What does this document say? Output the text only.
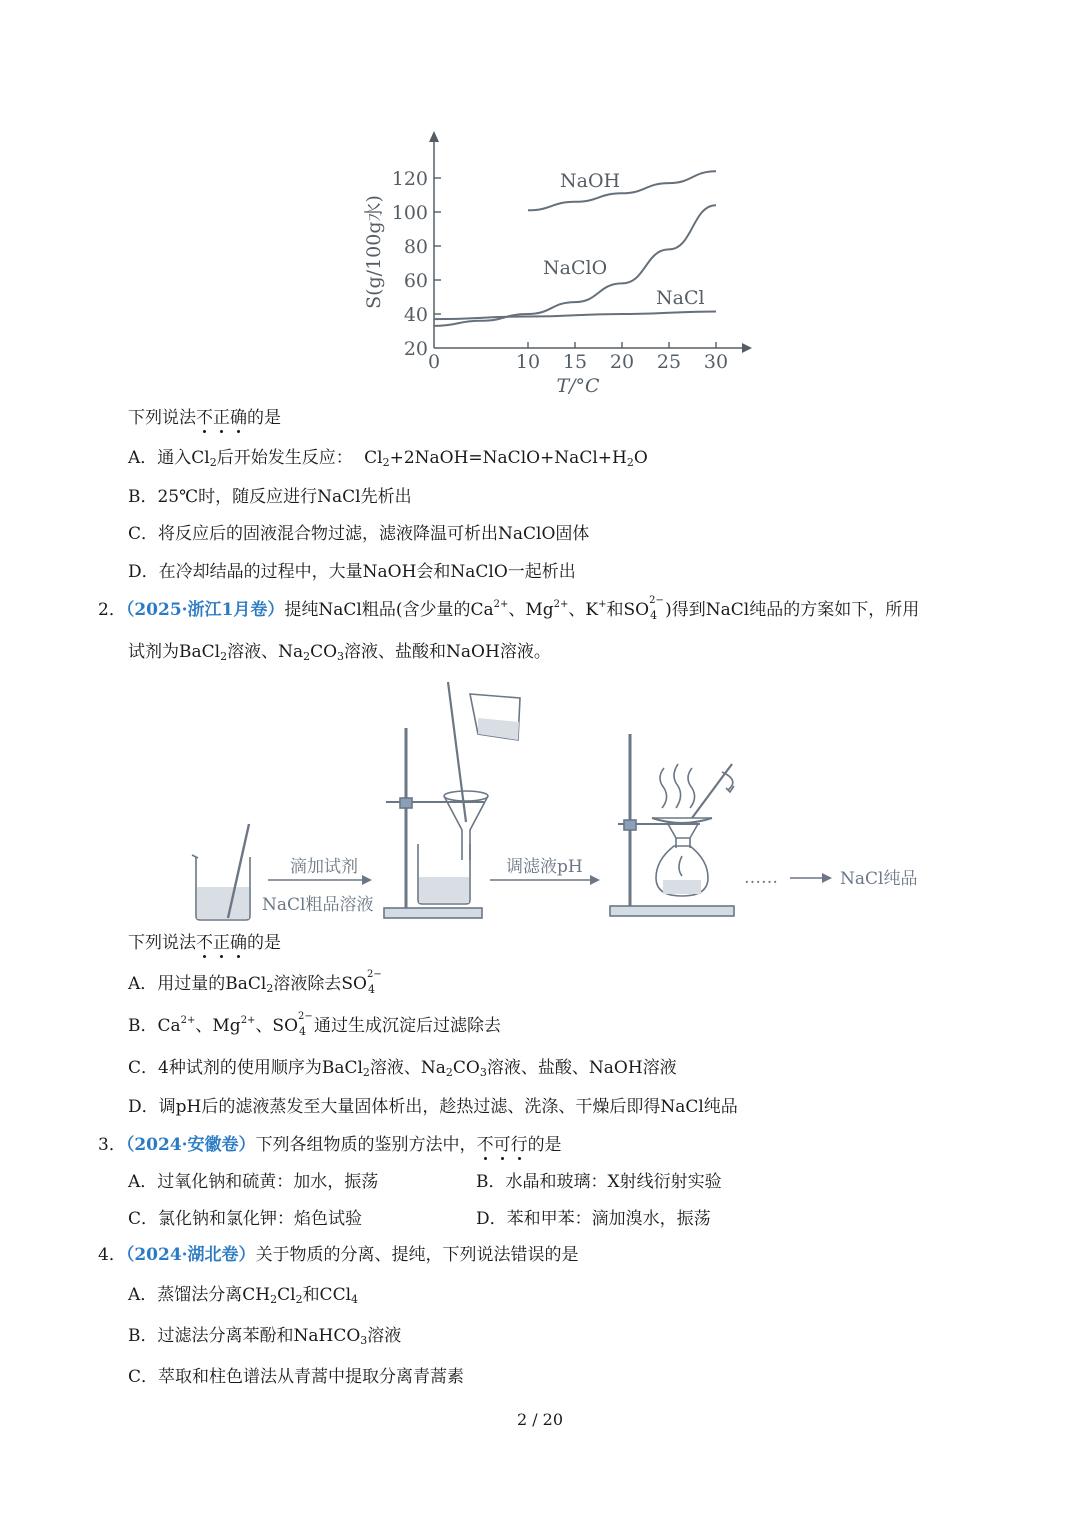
0	10 15 20 25 30
20
40
60
80
100
120
T/°C
S(g/100g水)
NaOH
NaClO
NaCl
下列说法不正确的是
A．通入$Cl_2$后开始发生反应： $Cl_2+2NaOH=NaClO+NaCl+H_2O$
B．25℃时，随反应进行NaCl先析出
C．将反应后的固液混合物过滤，滤液降温可析出NaClO固体
D．在冷却结晶的过程中，大量NaOH会和NaClO一起析出
2．（2025·浙江1月卷）提纯NaCl粗品(含少量的$Ca^{2+}$、$Mg^{2+}$、K+和SO 2−
4 )得到NaCl纯品的方案如下，所用
试剂为BaCl$_2$溶液、$Na_2CO_3$溶液、盐酸和NaOH溶液。
滴加试剂
NaCl粗品溶液
调滤液pH
……	NaCl纯品
下列说法不正确的是
A．用过量的BaCl$_2$溶液除去SO 2−
4
B．$Ca^{2+}$、$Mg^{2+}$、SO 2−
4 通过生成沉淀后过滤除去
C．4种试剂的使用顺序为BaCl$_2$溶液、$Na_2CO_3$溶液、盐酸、NaOH溶液
D．调pH后的滤液蒸发至大量固体析出，趁热过滤、洗涤、干燥后即得NaCl纯品
3．（2024·安徽卷）下列各组物质的鉴别方法中，不可行的是
A．过氧化钠和硫黄：加水，振荡	B．水晶和玻璃：X射线衍射实验
C．氯化钠和氯化钾：焰色试验	D．苯和甲苯：滴加溴水，振荡
4．（2024·湖北卷）关于物质的分离、提纯，下列说法错误的是
A．蒸馏法分离$CH_2Cl_2$和CCl$_4$
B．过滤法分离苯酚和NaHCO$_3$溶液
C．萃取和柱色谱法从青蒿中提取分离青蒿素
2 / 20
